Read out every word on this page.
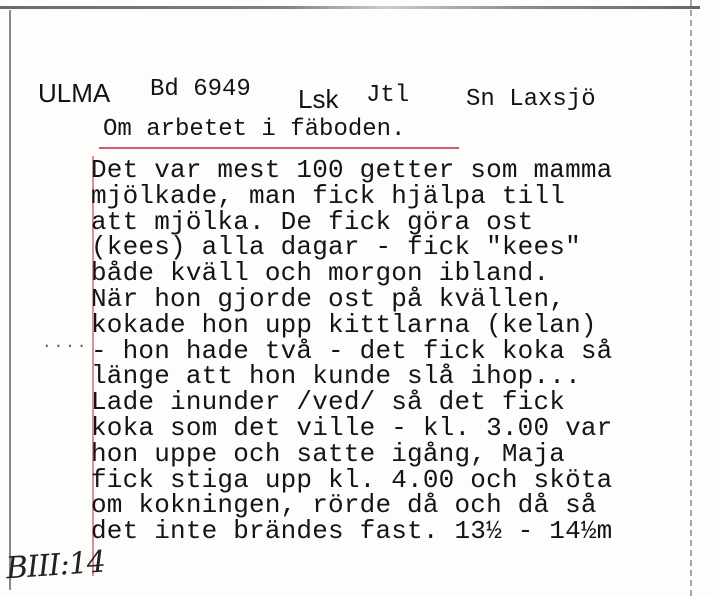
ULMA Bd 6949 Lsk Jtl Sn Laxsjö
Om arbetet i fäboden.
....
Det var mest 100 getter som mamma
mjölkade, man fick hjälpa till
att mjölka. De fick göra ost
(kees) alla dagar - fick "kees"
både kväll och morgon ibland.
När hon gjorde ost på kvällen,
kokade hon upp kittlarna (kelan)
- hon hade två - det fick koka så
länge att hon kunde slå ihop...
Lade inunder /ved/ så det fick
koka som det ville - kl. 3.00 var
hon uppe och satte igång, Maja
fick stiga upp kl. 4.00 och sköta
om kokningen, rörde då och då så
det inte brändes fast. 13½ - 14½m
BIII:14
